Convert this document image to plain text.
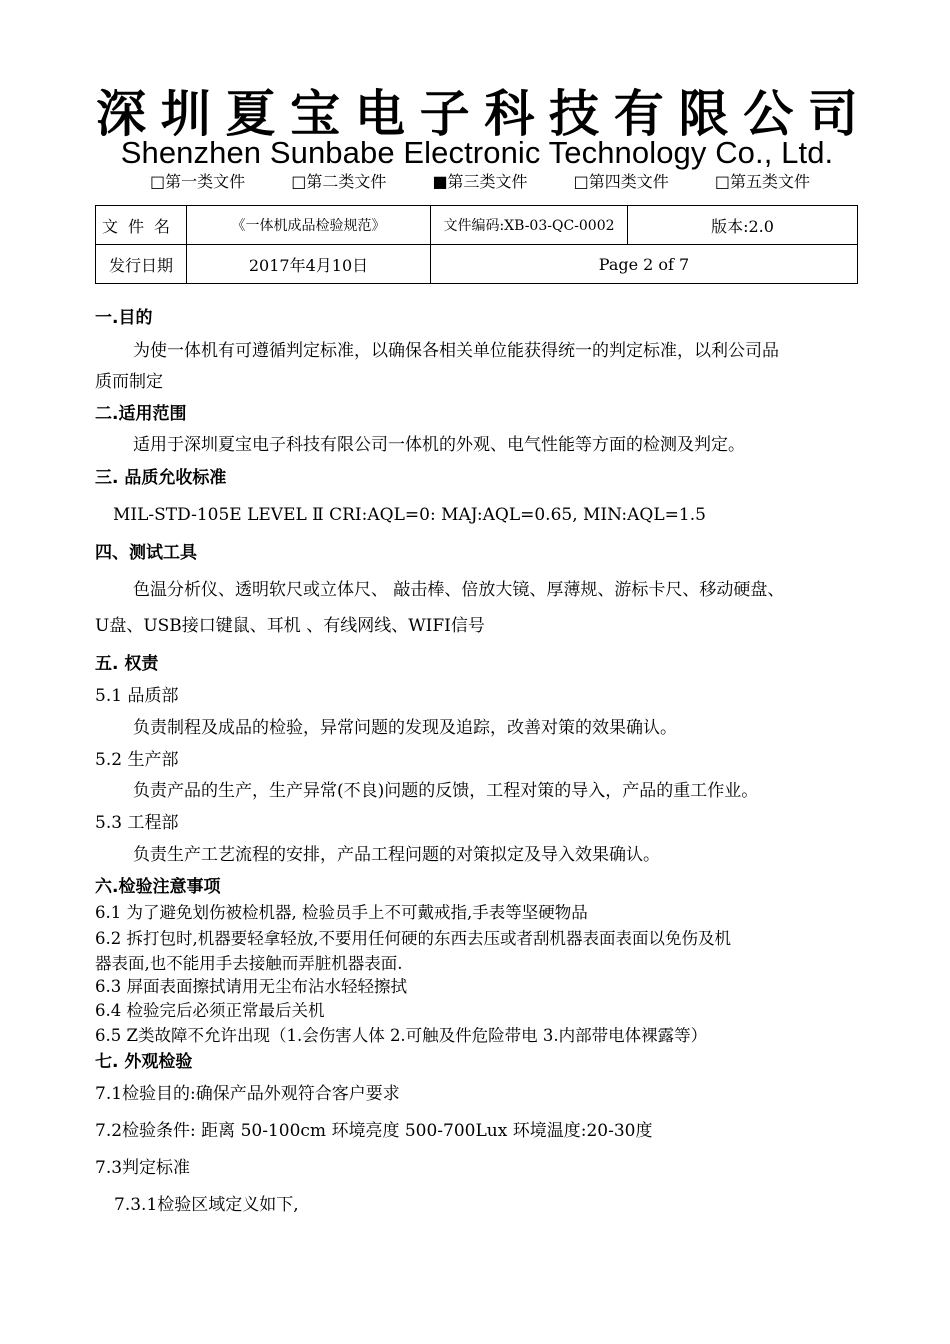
深 圳 夏 宝 电 子 科 技 有 限 公 司
Shenzhen Sunbabe Electronic Technology Co., Ltd.
□第一类文件	□第二类文件	■第三类文件	□第四类文件	□第五类文件
文件名	《一体机成品检验规范》	文件编码:XB-03-QC-0002	版本:2.0
发行日期	2017年4月10日	Page 2 of 7	
一.目的
为使一体机有可遵循判定标准，以确保各相关单位能获得统一的判定标准，以利公司品
质而制定
二.适用范围
适用于深圳夏宝电子科技有限公司一体机的外观、电气性能等方面的检测及判定。
三. 品质允收标准
MIL-STD-105E LEVEL Ⅱ CRI:AQL=0: MAJ:AQL=0.65, MIN:AQL=1.5
四、测试工具
色温分析仪、透明软尺或立体尺、 敲击棒、倍放大镜、厚薄规、游标卡尺、移动硬盘、
U盘、USB接口键鼠、耳机 、有线网线、WIFI信号
五. 权责
5.1 品质部
负责制程及成品的检验，异常问题的发现及追踪，改善对策的效果确认。
5.2 生产部
负责产品的生产，生产异常(不良)问题的反馈，工程对策的导入，产品的重工作业。
5.3 工程部
负责生产工艺流程的安排，产品工程问题的对策拟定及导入效果确认。
六.检验注意事项
6.1 为了避免划伤被检机器, 检验员手上不可戴戒指,手表等坚硬物品
6.2 拆打包时,机器要轻拿轻放,不要用任何硬的东西去压或者刮机器表面表面以免伤及机
器表面,也不能用手去接触而弄脏机器表面.
6.3 屏面表面擦拭请用无尘布沾水轻轻擦拭
6.4 检验完后必须正常最后关机
6.5 Z类故障不允许出现（1.会伤害人体 2.可触及件危险带电 3.内部带电体裸露等）
七. 外观检验
7.1检验目的:确保产品外观符合客户要求
7.2检验条件: 距离 50-100cm 环境亮度 500-700Lux 环境温度:20-30度
7.3判定标准
7.3.1检验区域定义如下,
